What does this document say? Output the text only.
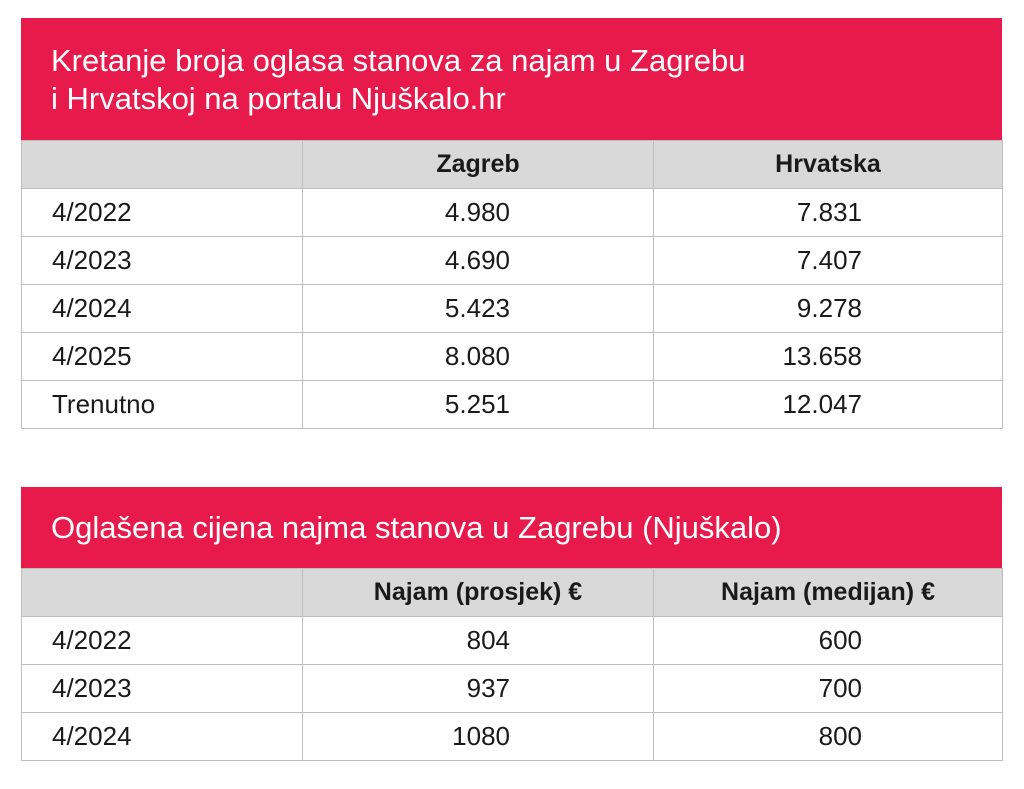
Kretanje broja oglasa stanova za najam u Zagrebu
i Hrvatskoj na portalu Njuškalo.hr
	Zagreb	Hrvatska
4/2022	4.980	7.831
4/2023	4.690	7.407
4/2024	5.423	9.278
4/2025	8.080	13.658
Trenutno	5.251	12.047
Oglašena cijena najma stanova u Zagrebu (Njuškalo)
	Najam (prosjek) €	Najam (medijan) €
4/2022	804	600
4/2023	937	700
4/2024	1080	800
